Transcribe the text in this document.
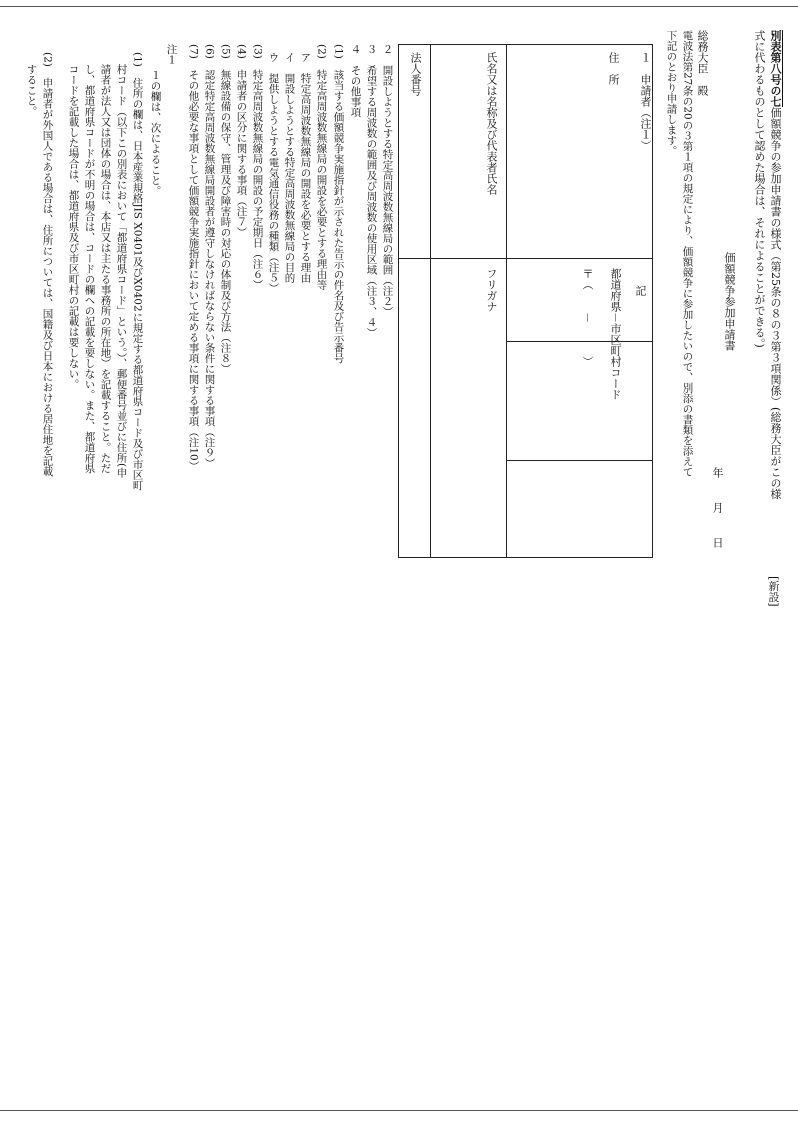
別表第八号の七価額競争の参加申請書の様式（第25条の８の３第３項関係）(総務大臣がこの様
式に代わるものとして認めた場合は、それによることができる。)
[新設]
価額競争参加申請書
年
月
日
総務大臣　殿
電波法第27条の20の３第１項の規定により、価額競争に参加したいので、別添の書類を添えて
下記のとおり申請します。
記
１　申請者（注１）
住　所
都道府県－市区町村コード
〒（　　－　　　）
氏名又は名称及び代表者氏名
フリガナ
法人番号
２　開設しようとする特定高周波数無線局の範囲（注２）
３　希望する周波数の範囲及び周波数の使用区域（注３、４）
４　その他事項
(1)　該当する価額競争実施指針が示された告示の件名及び告示番号
(2)　特定高周波数無線局の開設を必要とする理由等
ア　特定高周波数無線局の開設を必要とする理由
イ　開設しようとする特定高周波数無線局の目的
ウ　提供しようとする電気通信役務の種類（注５）
(3)　特定高周波数無線局の開設の予定期日（注６）
(4)　申請者の区分に関する事項（注７）
(5)　無線設備の保守、管理及び障害時の対応の体制及び方法（注８）
(6)　認定特定高周波数無線局開設者が遵守しなければならない条件に関する事項（注９）
(7)　その他必要な事項として価額競争実施指針において定める事項に関する事項（注10）
注１
１の欄は、次によること。
(1)　住所の欄は、日本産業規格JIS X0401及びX0402に規定する都道府県コード及び市区町
村コード（以下この別表において「都道府県コード」という。）、郵便番号並びに住所(申
請者が法人又は団体の場合は、本店又は主たる事務所の所在地）を記載すること。ただ
し、都道府県コードが不明の場合は、コードの欄への記載を要しない。また、都道府県
コードを記載した場合は、都道府県及び市区町村の記載は要しない。
(2)　申請者が外国人である場合は、住所については、国籍及び日本における居住地を記載
すること。
